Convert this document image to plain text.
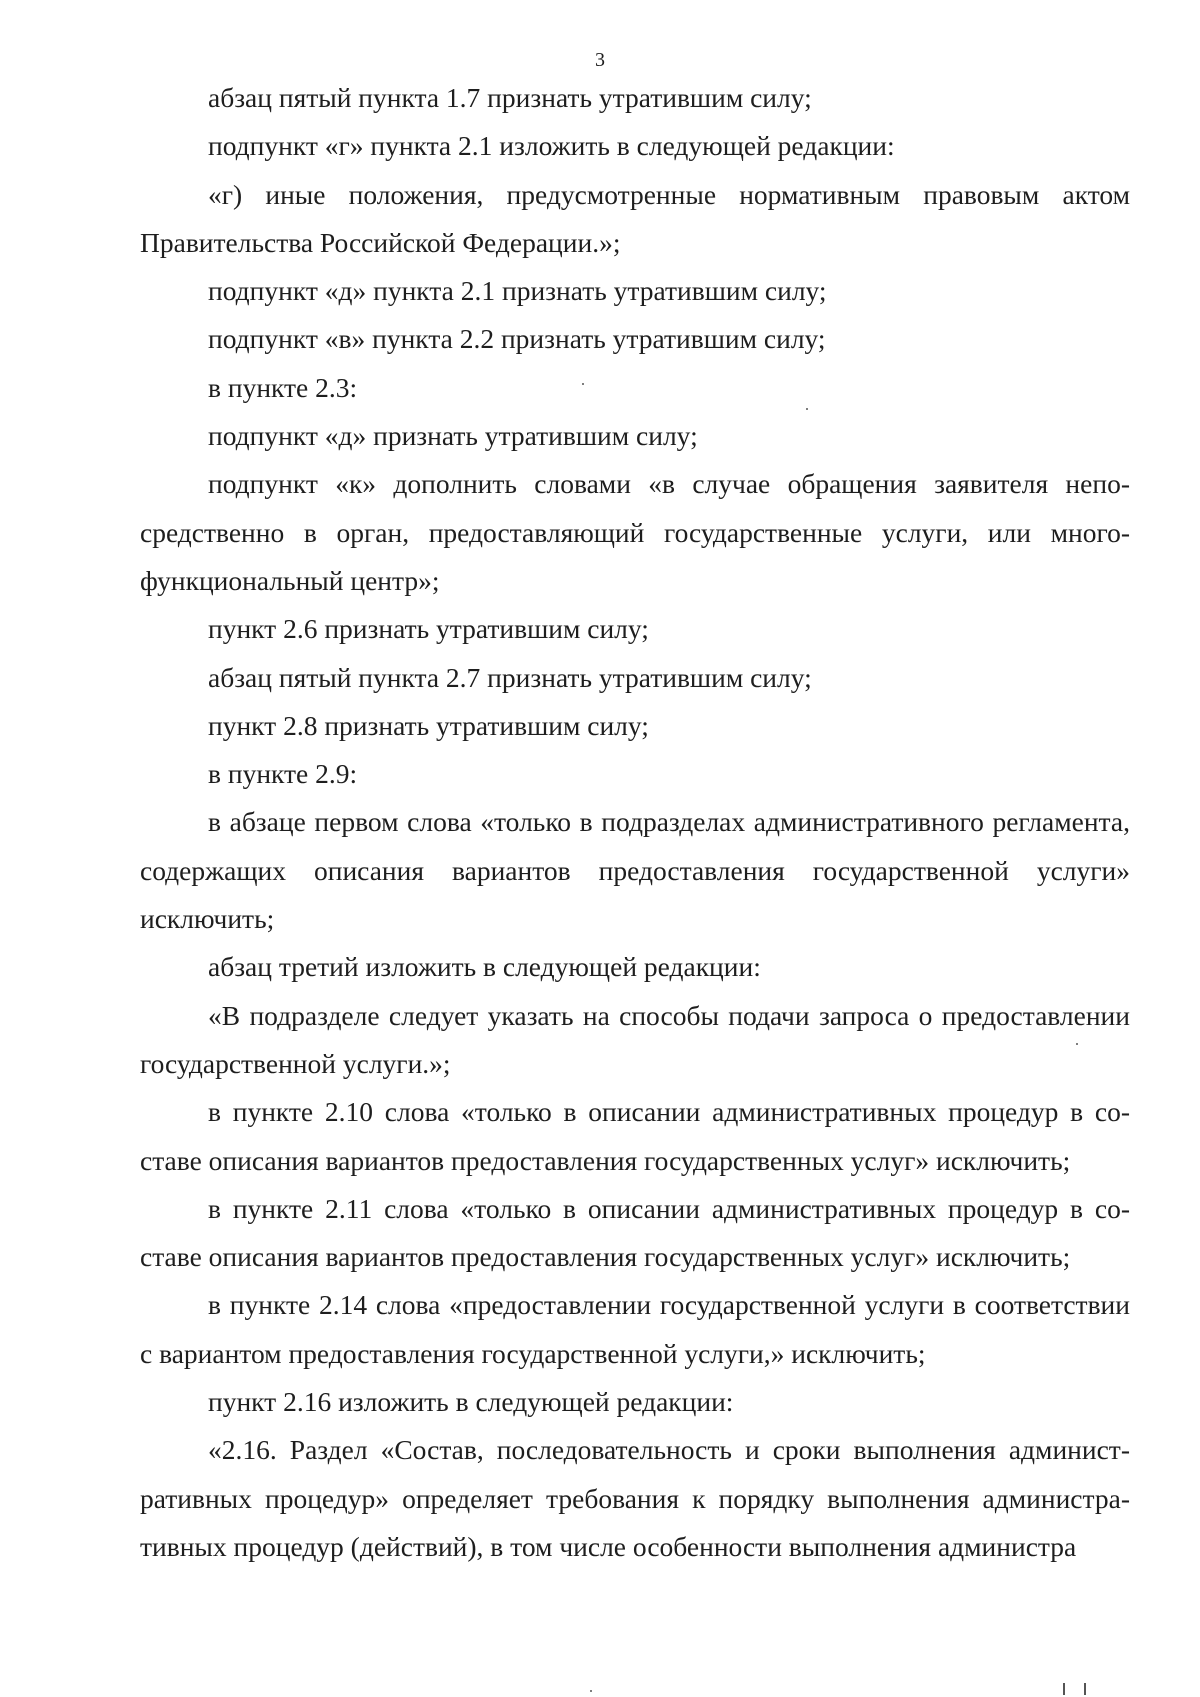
3

абзац пятый пункта 1.7 признать утратившим силу;

подпункт «г» пункта 2.1 изложить в следующей редакции:

«г) иные положения, предусмотренные нормативным правовым актом Правительства Российской Федерации.»;

подпункт «д» пункта 2.1 признать утратившим силу;

подпункт «в» пункта 2.2 признать утратившим силу;

в пункте 2.3:

подпункт «д» признать утратившим силу;

подпункт «к» дополнить словами «в случае обращения заявителя непосредственно в орган, предоставляющий государственные услуги, или многофункциональный центр»;

пункт 2.6 признать утратившим силу;

абзац пятый пункта 2.7 признать утратившим силу;

пункт 2.8 признать утратившим силу;

в пункте 2.9:

в абзаце первом слова «только в подразделах административного регламента, содержащих описания вариантов предоставления государственной услуги» исключить;

абзац третий изложить в следующей редакции:

«В подразделе следует указать на способы подачи запроса о предоставлении государственной услуги.»;

в пункте 2.10 слова «только в описании административных процедур в составе описания вариантов предоставления государственных услуг» исключить;

в пункте 2.11 слова «только в описании административных процедур в составе описания вариантов предоставления государственных услуг» исключить;

в пункте 2.14 слова «предоставлении государственной услуги в соответствии с вариантом предоставления государственной услуги,» исключить;

пункт 2.16 изложить в следующей редакции:

«2.16. Раздел «Состав, последовательность и сроки выполнения административных процедур» определяет требования к порядку выполнения административных процедур (действий), в том числе особенности выполнения администра
